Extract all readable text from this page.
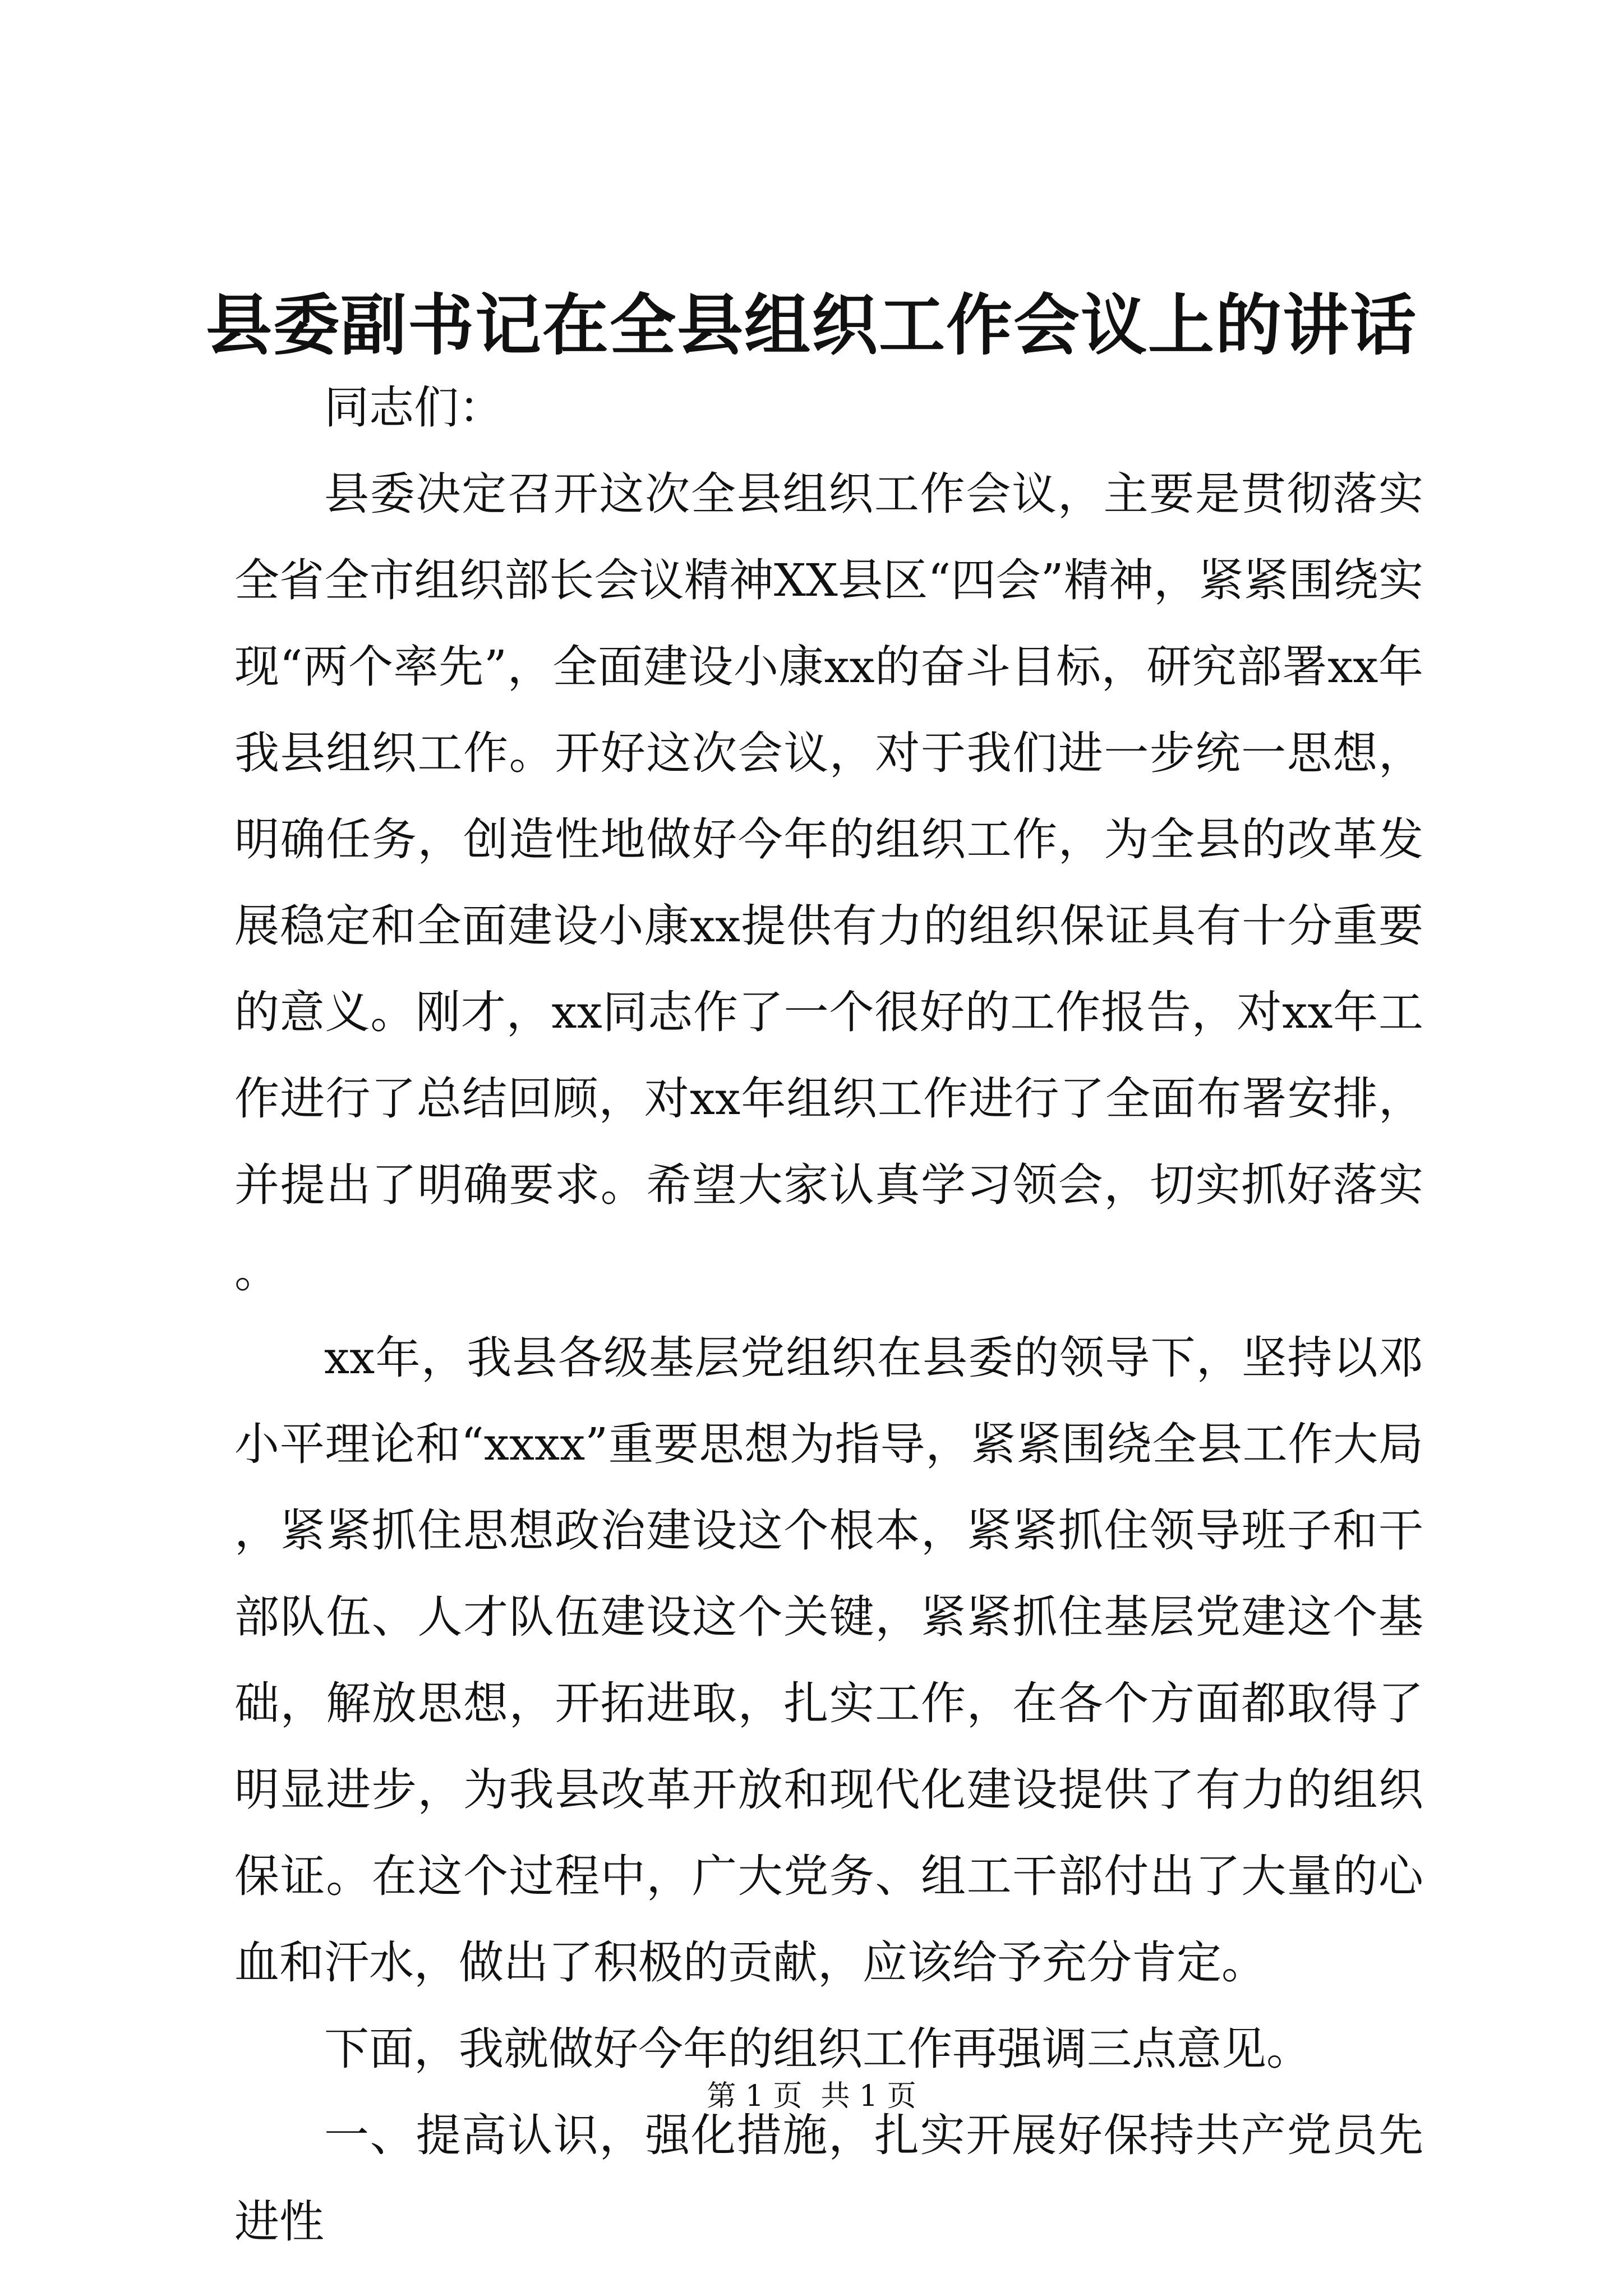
县委副书记在全县组织工作会议上的讲话

同志们：

县委决定召开这次全县组织工作会议，主要是贯彻落实全省全市组织部长会议精神XX县区“四会”精神，紧紧围绕实现“两个率先”，全面建设小康xx的奋斗目标，研究部署xx年我县组织工作。开好这次会议，对于我们进一步统一思想，明确任务，创造性地做好今年的组织工作，为全县的改革发展稳定和全面建设小康xx提供有力的组织保证具有十分重要的意义。刚才，xx同志作了一个很好的工作报告，对xx年工作进行了总结回顾，对xx年组织工作进行了全面布署安排，并提出了明确要求。希望大家认真学习领会，切实抓好落实。

xx年，我县各级基层党组织在县委的领导下，坚持以邓小平理论和“xxxx”重要思想为指导，紧紧围绕全县工作大局，紧紧抓住思想政治建设这个根本，紧紧抓住领导班子和干部队伍、人才队伍建设这个关键，紧紧抓住基层党建这个基础，解放思想，开拓进取，扎实工作，在各个方面都取得了明显进步，为我县改革开放和现代化建设提供了有力的组织保证。在这个过程中，广大党务、组工干部付出了大量的心血和汗水，做出了积极的贡献，应该给予充分肯定。

下面，我就做好今年的组织工作再强调三点意见。

一、提高认识，强化措施，扎实开展好保持共产党员先进性

第 1 页  共 1 页
